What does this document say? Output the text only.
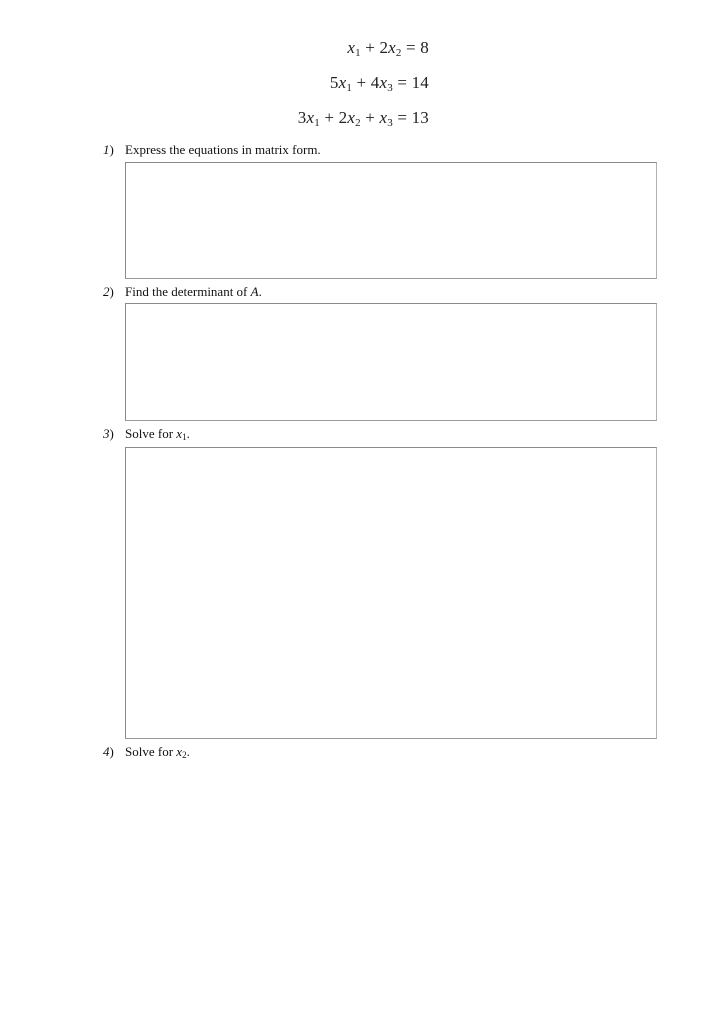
$x_1 + 2x_2 = 8$
$5x_1 + 4x_3 = 14$
$3x_1 + 2x_2 + x_3 = 13$
1) Express the equations in matrix form.
2) Find the determinant of A.
3) Solve for $x_1$.
4) Solve for $x_2$.
